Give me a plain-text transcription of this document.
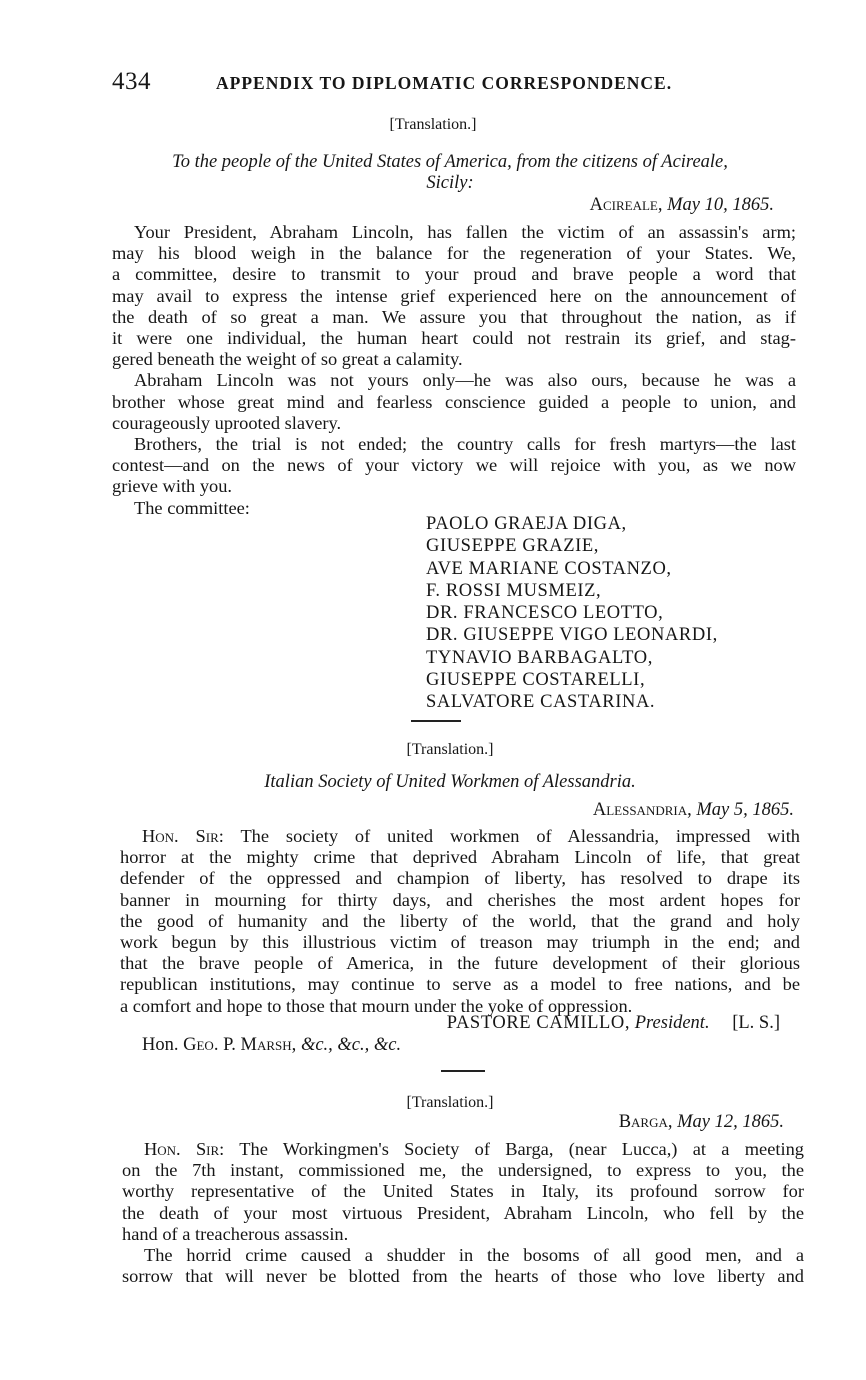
434	APPENDIX TO DIPLOMATIC CORRESPONDENCE.
[Translation.]
To the people of the United States of America, from the citizens of Acireale,
Sicily:
Acireale, May 10, 1865.

Your President, Abraham Lincoln, has fallen the victim of an assassin's arm;
may his blood weigh in the balance for the regeneration of your States. We,
a committee, desire to transmit to your proud and brave people a word that
may avail to express the intense grief experienced here on the announcement of
the death of so great a man. We assure you that throughout the nation, as if
it were one individual, the human heart could not restrain its grief, and stag-
gered beneath the weight of so great a calamity.

Abraham Lincoln was not yours only—he was also ours, because he was a
brother whose great mind and fearless conscience guided a people to union, and
courageously uprooted slavery.

Brothers, the trial is not ended; the country calls for fresh martyrs—the last
contest—and on the news of your victory we will rejoice with you, as we now
grieve with you.

The committee:

PAOLO GRAEJA DIGA,
GIUSEPPE GRAZIE,
AVE MARIANE COSTANZO,
F. ROSSI MUSMEIZ,
DR. FRANCESCO LEOTTO,
DR. GIUSEPPE VIGO LEONARDI,
TYNAVIO BARBAGALTO,
GIUSEPPE COSTARELLI,
SALVATORE CASTARINA.
[Translation.]
Italian Society of United Workmen of Alessandria.
Alessandria, May 5, 1865.

Hon. Sir: The society of united workmen of Alessandria, impressed with
horror at the mighty crime that deprived Abraham Lincoln of life, that great
defender of the oppressed and champion of liberty, has resolved to drape its
banner in mourning for thirty days, and cherishes the most ardent hopes for
the good of humanity and the liberty of the world, that the grand and holy
work begun by this illustrious victim of treason may triumph in the end; and
that the brave people of America, in the future development of their glorious
republican institutions, may continue to serve as a model to free nations, and be
a comfort and hope to those that mourn under the yoke of oppression.

PASTORE CAMILLO, President. [L. S.]
Hon. Geo. P. Marsh, &c., &c., &c.
[Translation.]
Barga, May 12, 1865.

Hon. Sir: The Workingmen's Society of Barga, (near Lucca,) at a meeting
on the 7th instant, commissioned me, the undersigned, to express to you, the
worthy representative of the United States in Italy, its profound sorrow for
the death of your most virtuous President, Abraham Lincoln, who fell by the
hand of a treacherous assassin.

The horrid crime caused a shudder in the bosoms of all good men, and a
sorrow that will never be blotted from the hearts of those who love liberty and
